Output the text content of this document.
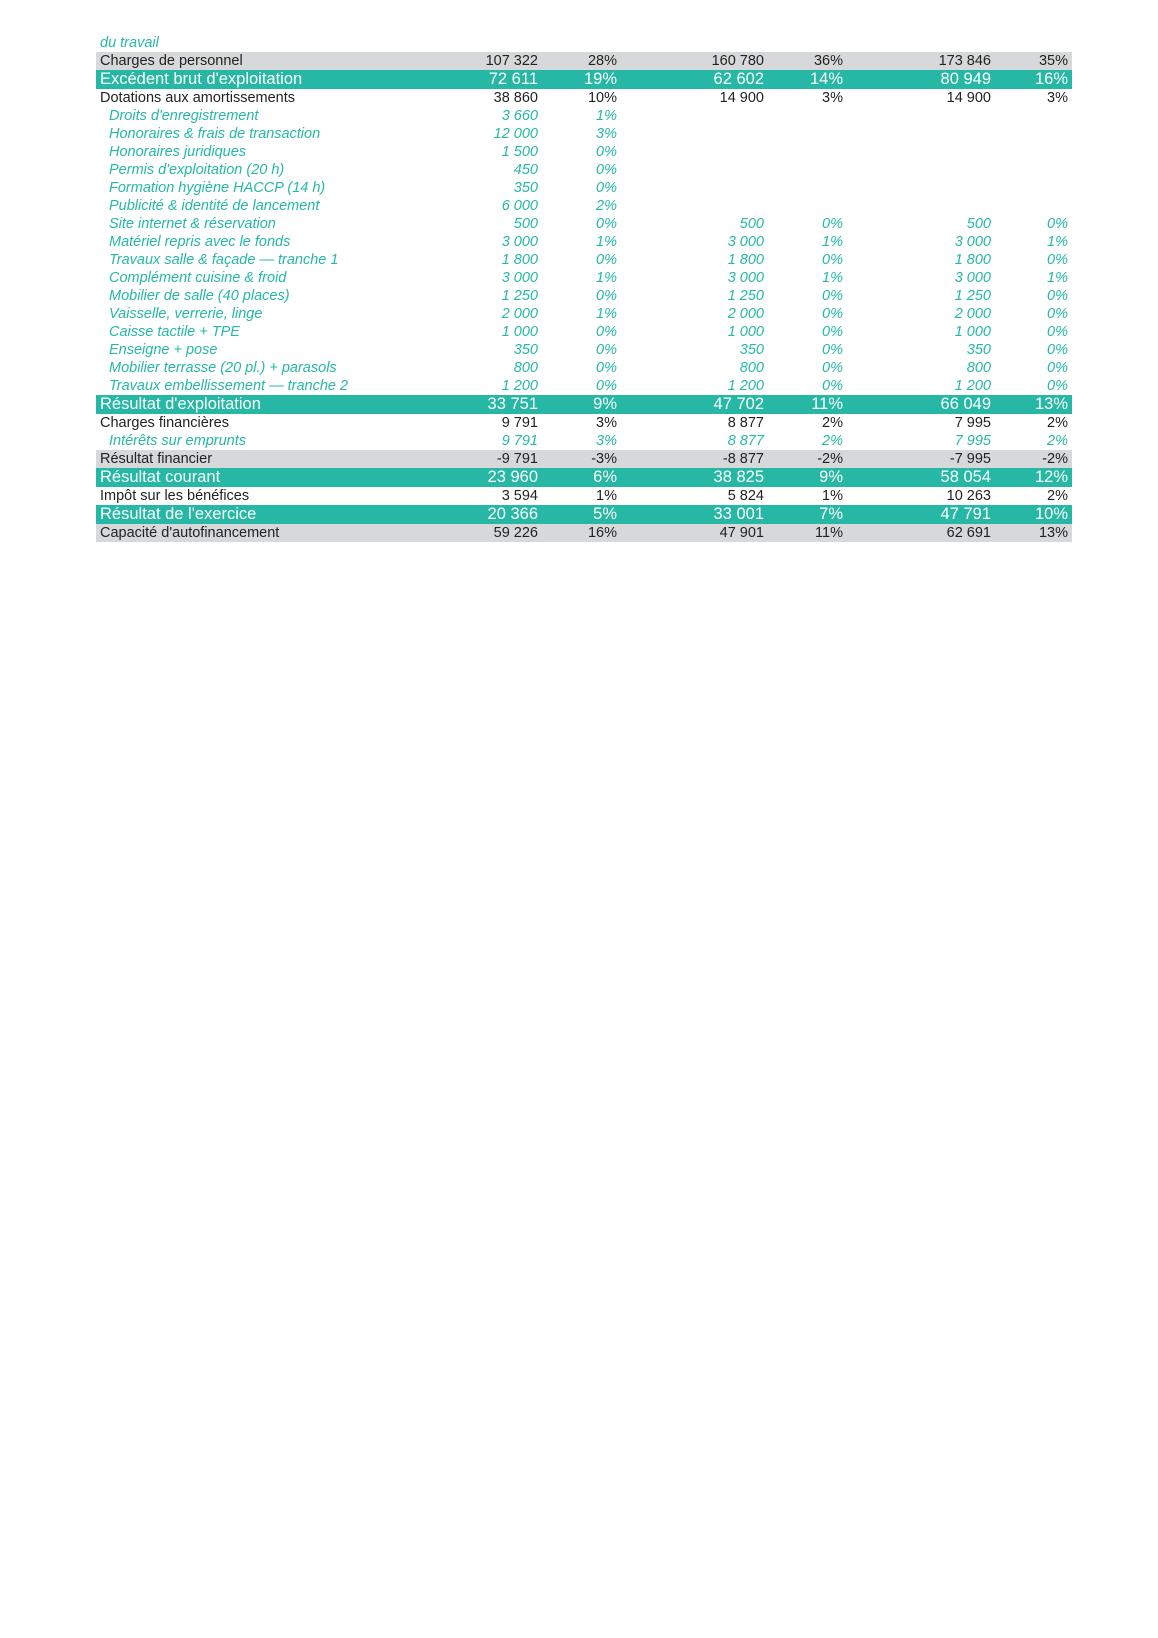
du travail
Charges de personnel	107 322	28%	160 780	36%	173 846	35%
Excédent brut d'exploitation	72 611	19%	62 602	14%	80 949	16%
Dotations aux amortissements	38 860	10%	14 900	3%	14 900	3%
Droits d'enregistrement	3 660	1%
Honoraires & frais de transaction	12 000	3%
Honoraires juridiques	1 500	0%
Permis d'exploitation (20 h)	450	0%
Formation hygiène HACCP (14 h)	350	0%
Publicité & identité de lancement	6 000	2%
Site internet & réservation	500	0%	500	0%	500	0%
Matériel repris avec le fonds	3 000	1%	3 000	1%	3 000	1%
Travaux salle & façade — tranche 1	1 800	0%	1 800	0%	1 800	0%
Complément cuisine & froid	3 000	1%	3 000	1%	3 000	1%
Mobilier de salle (40 places)	1 250	0%	1 250	0%	1 250	0%
Vaisselle, verrerie, linge	2 000	1%	2 000	0%	2 000	0%
Caisse tactile + TPE	1 000	0%	1 000	0%	1 000	0%
Enseigne + pose	350	0%	350	0%	350	0%
Mobilier terrasse (20 pl.) + parasols	800	0%	800	0%	800	0%
Travaux embellissement — tranche 2	1 200	0%	1 200	0%	1 200	0%
Résultat d'exploitation	33 751	9%	47 702	11%	66 049	13%
Charges financières	9 791	3%	8 877	2%	7 995	2%
Intérêts sur emprunts	9 791	3%	8 877	2%	7 995	2%
Résultat financier	-9 791	-3%	-8 877	-2%	-7 995	-2%
Résultat courant	23 960	6%	38 825	9%	58 054	12%
Impôt sur les bénéfices	3 594	1%	5 824	1%	10 263	2%
Résultat de l'exercice	20 366	5%	33 001	7%	47 791	10%
Capacité d'autofinancement	59 226	16%	47 901	11%	62 691	13%
